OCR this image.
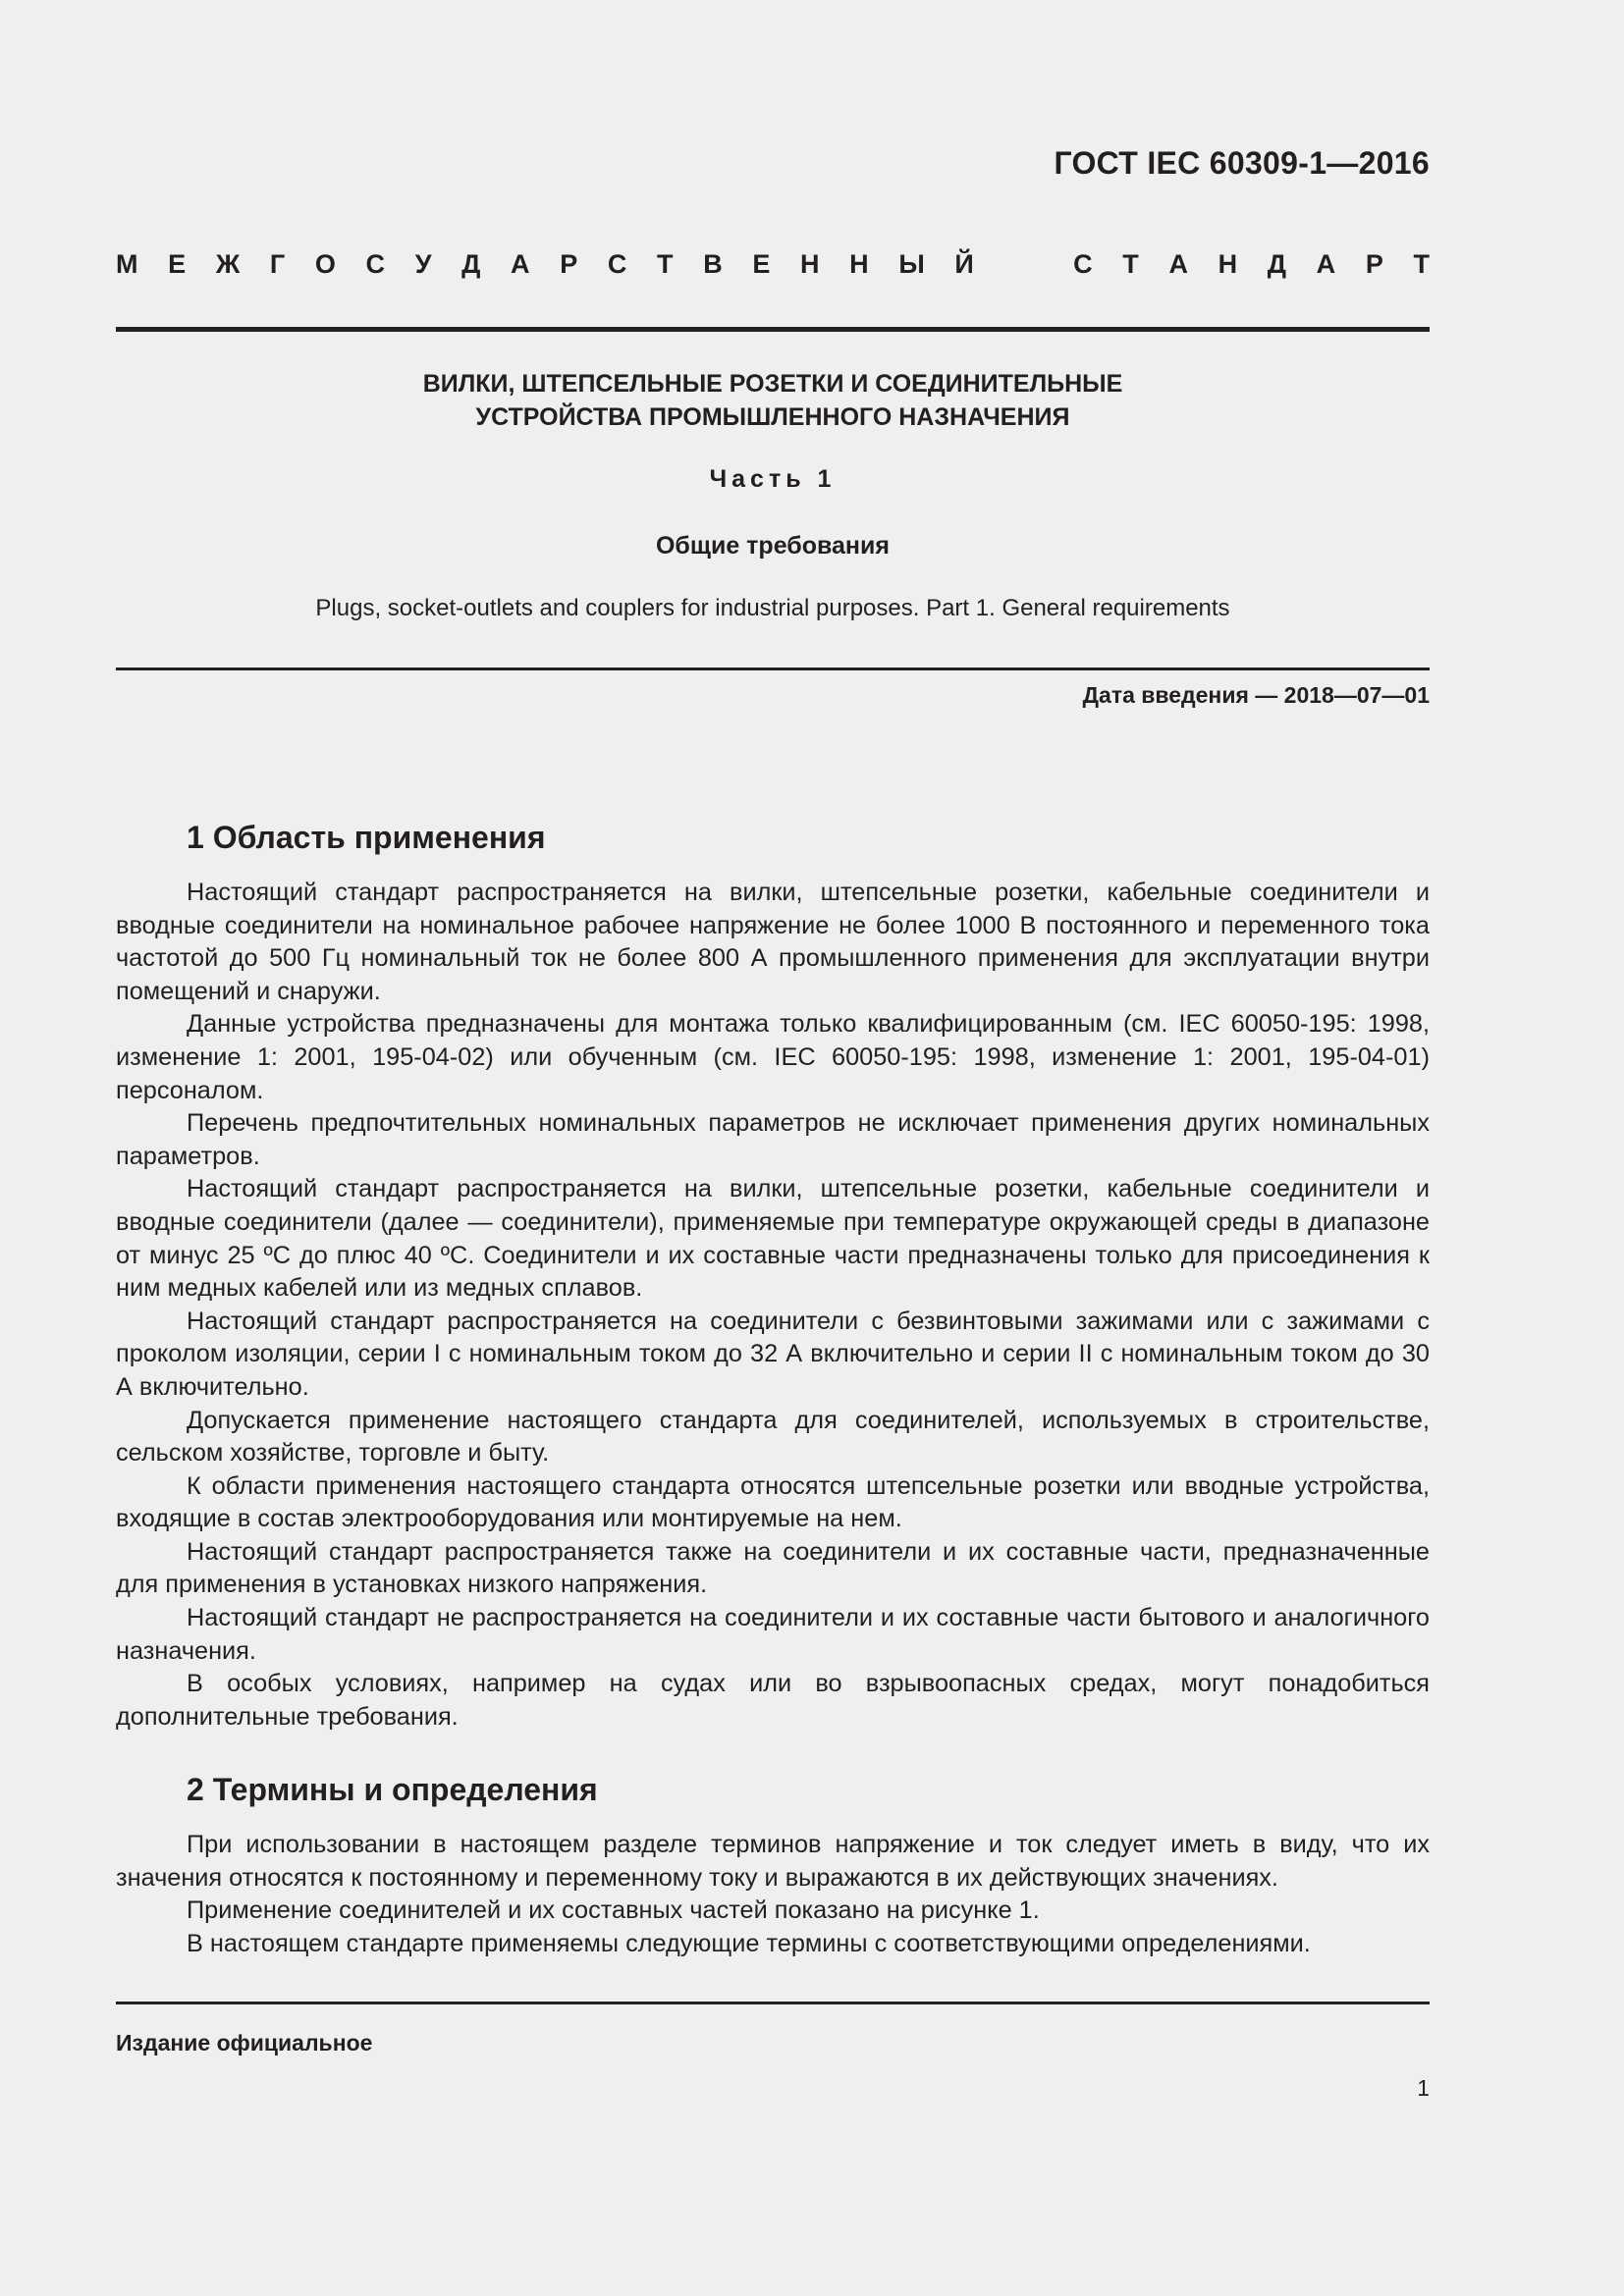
ГОСТ IEC 60309-1—2016
М Е Ж Г О С У Д А Р С Т В Е Н Н Ы Й	С Т А Н Д А Р Т
ВИЛКИ, ШТЕПСЕЛЬНЫЕ РОЗЕТКИ И СОЕДИНИТЕЛЬНЫЕ
УСТРОЙСТВА ПРОМЫШЛЕННОГО НАЗНАЧЕНИЯ
Часть 1
Общие требования
Plugs, socket-outlets and couplers for industrial purposes. Part 1. General requirements
Дата введения — 2018—07—01
1 Область применения

Настоящий стандарт распространяется на вилки, штепсельные розетки, кабельные соединители и вводные соединители на номинальное рабочее напряжение не более 1000 В постоянного и переменного тока частотой до 500 Гц номинальный ток не более 800 А промышленного применения для эксплуатации внутри помещений и снаружи.

Данные устройства предназначены для монтажа только квалифицированным (см. IEC 60050-195: 1998, изменение 1: 2001, 195-04-02) или обученным (см. IEC 60050-195: 1998, изменение 1: 2001, 195-04-01) персоналом.

Перечень предпочтительных номинальных параметров не исключает применения других номинальных параметров.

Настоящий стандарт распространяется на вилки, штепсельные розетки, кабельные соединители и вводные соединители (далее — соединители), применяемые при температуре окружающей среды в диапазоне от минус 25 ºС до плюс 40 ºС. Соединители и их составные части предназначены только для присоединения к ним медных кабелей или из медных сплавов.

Настоящий стандарт распространяется на соединители с безвинтовыми зажимами или с зажимами с проколом изоляции, серии I с номинальным током до 32 А включительно и серии II с номинальным током до 30 А включительно.

Допускается применение настоящего стандарта для соединителей, используемых в строительстве, сельском хозяйстве, торговле и быту.

К области применения настоящего стандарта относятся штепсельные розетки или вводные устройства, входящие в состав электрооборудования или монтируемые на нем.

Настоящий стандарт распространяется также на соединители и их составные части, предназначенные для применения в установках низкого напряжения.

Настоящий стандарт не распространяется на соединители и их составные части бытового и аналогичного назначения.

В особых условиях, например на судах или во взрывоопасных средах, могут понадобиться дополнительные требования.

2 Термины и определения

При использовании в настоящем разделе терминов напряжение и ток следует иметь в виду, что их значения относятся к постоянному и переменному току и выражаются в их действующих значениях.

Применение соединителей и их составных частей показано на рисунке 1.

В настоящем стандарте применяемы следующие термины с соответствующими определениями.

Издание официальное
1
